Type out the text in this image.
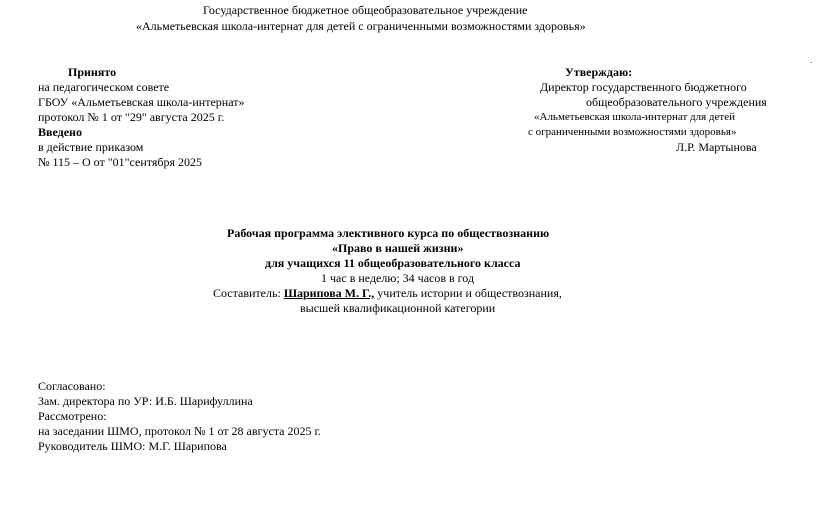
Государственное бюджетное общеобразовательное учреждение
«Альметьевская школа-интернат для детей с ограниченными возможностями здоровья»
.
Принято
на педагогическом совете
ГБОУ «Альметьевская школа-интернат»
протокол № 1 от "29" августа 2025 г.
Введено
в действие приказом
№ 115 – О от "01"сентября 2025
Утверждаю:
Директор государственного бюджетного
общеобразовательного учреждения
«Альметьевская школа-интернат для детей
с ограниченными возможностями здоровья»
Л.Р. Мартынова
Рабочая программа элективного курса по обществознанию
«Право в нашей жизни»
для учащихся 11 общеобразовательного класса
1 час в неделю; 34 часов в год
Составитель: Шарипова М. Г., учитель истории и обществознания,
высшей квалификационной категории
Согласовано:
Зам. директора по УР: И.Б. Шарифуллина
Рассмотрено:
на заседании ШМО, протокол № 1 от 28 августа 2025 г.
Руководитель ШМО: М.Г. Шарипова
